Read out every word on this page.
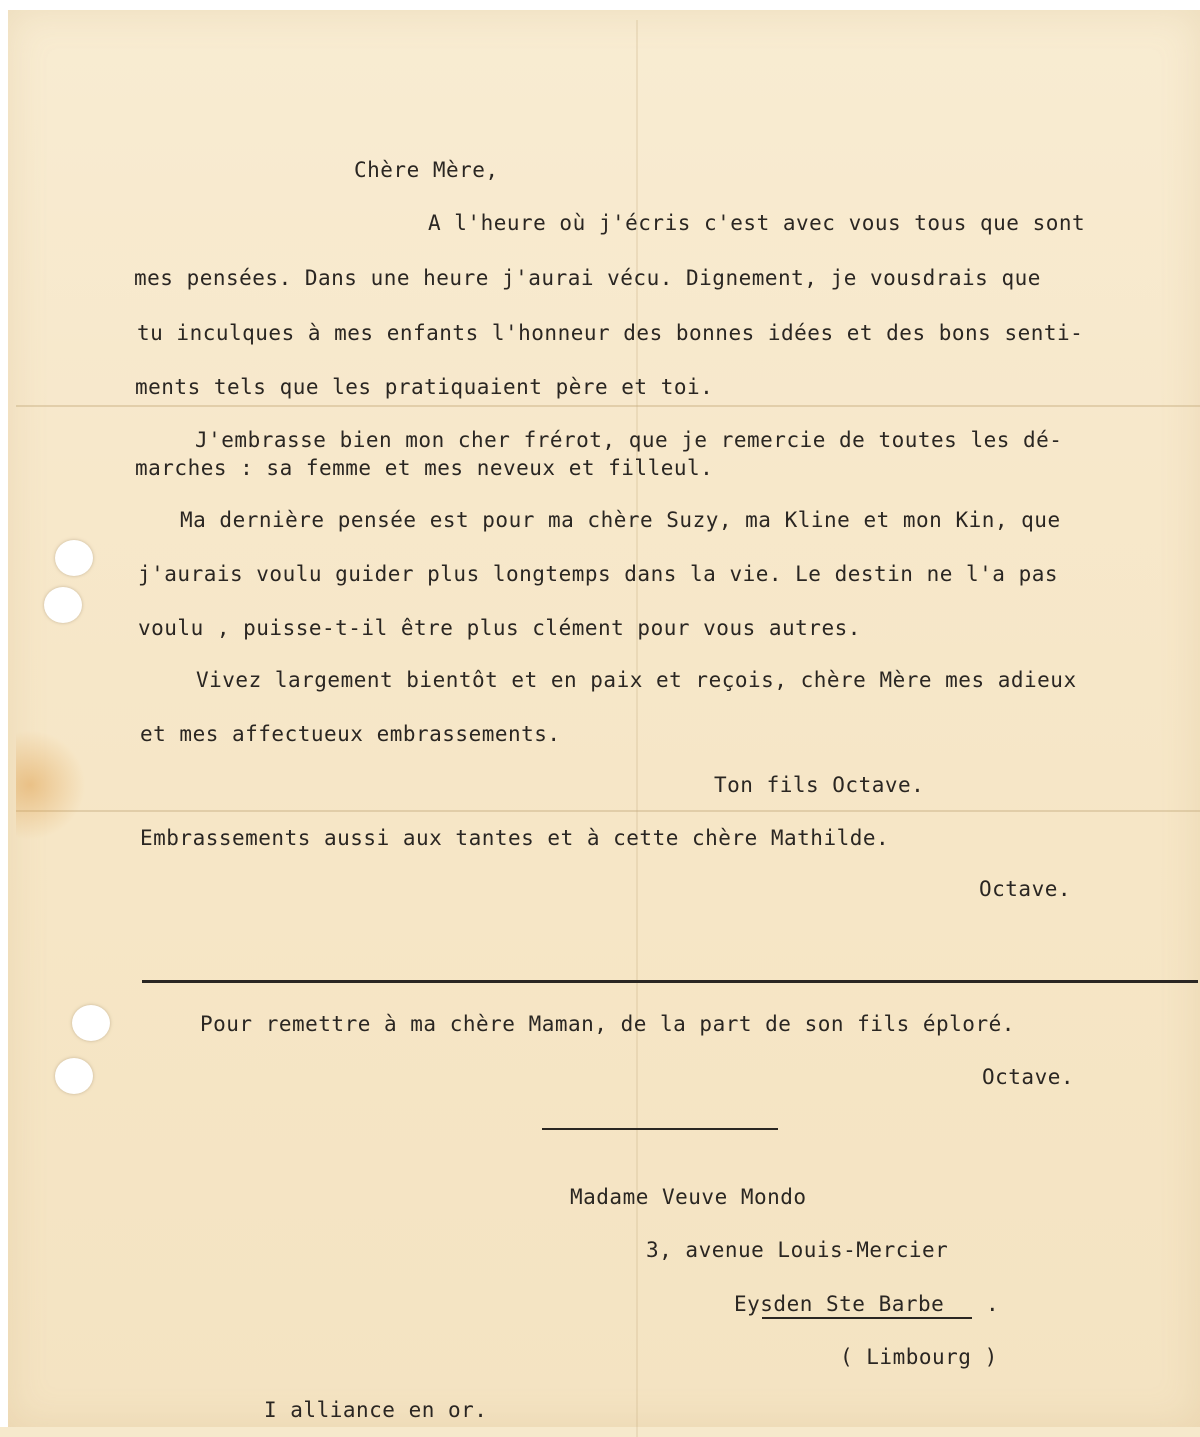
Chère Mère,

A l'heure où j'écris c'est avec vous tous que sont

mes pensées. Dans une heure j'aurai vécu. Dignement, je vousdrais que

tu inculques à mes enfants l'honneur des bonnes idées et des bons senti-

ments tels que les pratiquaient père et toi.

J'embrasse bien mon cher frérot, que je remercie de toutes les dé-

marches : sa femme et mes neveux et filleul.

Ma dernière pensée est pour ma chère Suzy, ma Kline et mon Kin, que

j'aurais voulu guider plus longtemps dans la vie. Le destin ne l'a pas

voulu , puisse-t-il être plus clément pour vous autres.

Vivez largement bientôt et en paix et reçois, chère Mère mes adieux

et mes affectueux embrassements.

Ton fils Octave.

Embrassements aussi aux tantes et à cette chère Mathilde.

Octave.

Pour remettre à ma chère Maman, de la part de son fils éploré.

Octave.

Madame Veuve Mondo

3, avenue Louis-Mercier

Eysden Ste Barbe .

( Limbourg )

I alliance en or.
